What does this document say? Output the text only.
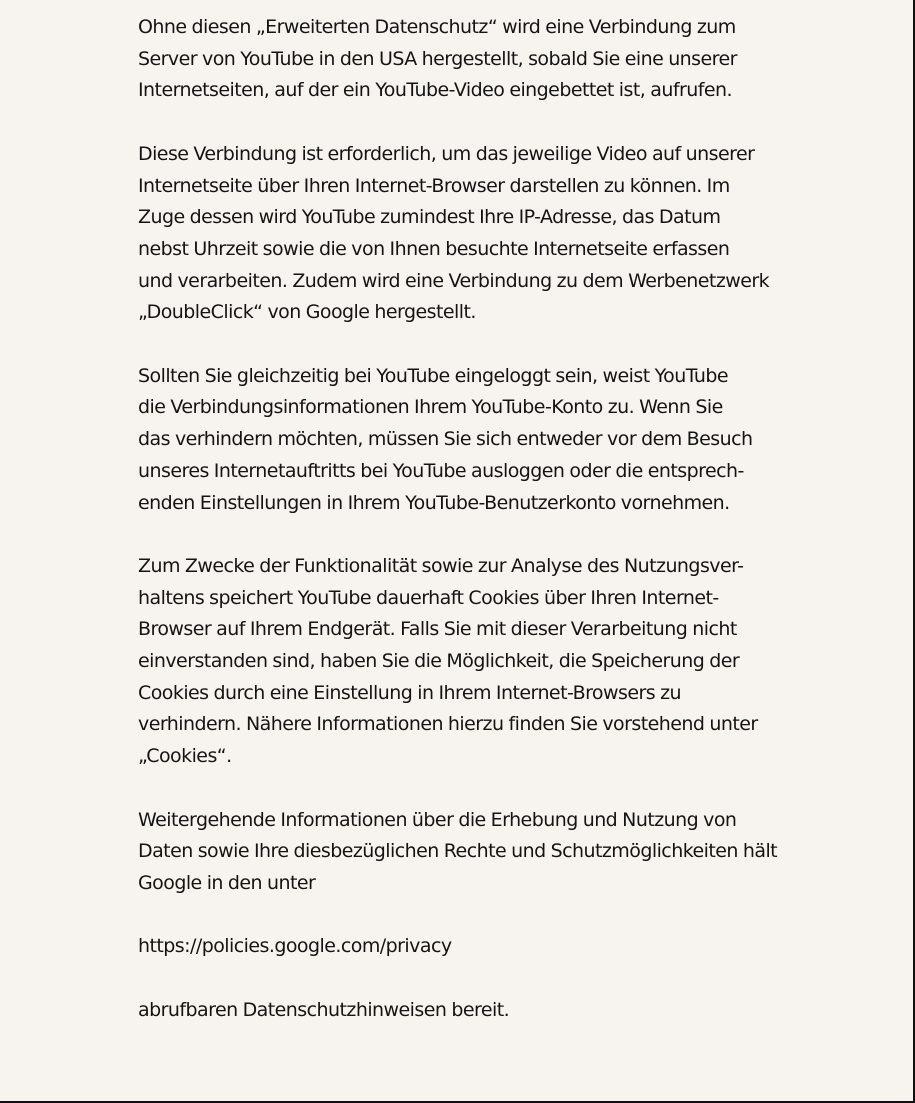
Ohne diesen „Erweiterten Datenschutz“ wird eine Verbindung zum
Server von YouTube in den USA hergestellt, sobald Sie eine unserer
Internetseiten, auf der ein YouTube-Video eingebettet ist, aufrufen.

Diese Verbindung ist erforderlich, um das jeweilige Video auf unserer
Internetseite über Ihren Internet-Browser darstellen zu können. Im
Zuge dessen wird YouTube zumindest Ihre IP-Adresse, das Datum
nebst Uhrzeit sowie die von Ihnen besuchte Internetseite erfassen
und verarbeiten. Zudem wird eine Verbindung zu dem Werbenetzwerk
„DoubleClick“ von Google hergestellt.

Sollten Sie gleichzeitig bei YouTube eingeloggt sein, weist YouTube
die Verbindungsinformationen Ihrem YouTube-Konto zu. Wenn Sie
das verhindern möchten, müssen Sie sich entweder vor dem Besuch
unseres Internetauftritts bei YouTube ausloggen oder die entsprech-
enden Einstellungen in Ihrem YouTube-Benutzerkonto vornehmen.

Zum Zwecke der Funktionalität sowie zur Analyse des Nutzungsver-
haltens speichert YouTube dauerhaft Cookies über Ihren Internet-
Browser auf Ihrem Endgerät. Falls Sie mit dieser Verarbeitung nicht
einverstanden sind, haben Sie die Möglichkeit, die Speicherung der
Cookies durch eine Einstellung in Ihrem Internet-Browsers zu
verhindern. Nähere Informationen hierzu finden Sie vorstehend unter
„Cookies“.

Weitergehende Informationen über die Erhebung und Nutzung von
Daten sowie Ihre diesbezüglichen Rechte und Schutzmöglichkeiten hält
Google in den unter

https://policies.google.com/privacy

abrufbaren Datenschutzhinweisen bereit.
